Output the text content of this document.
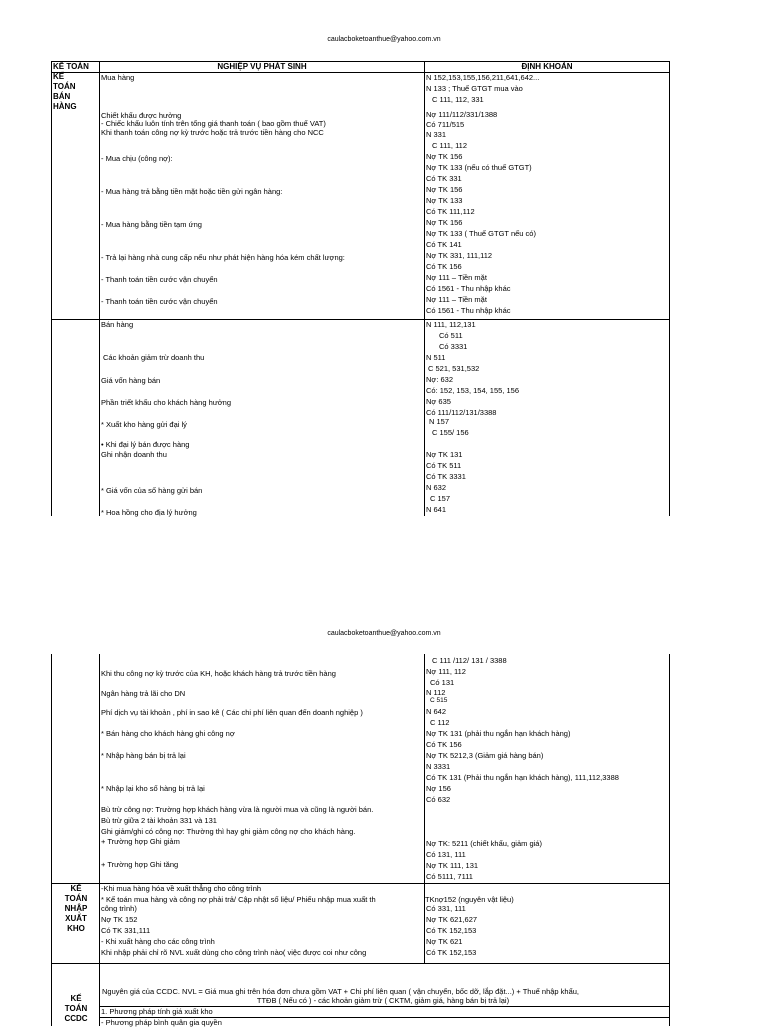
caulacboketoanthue@yahoo.com.vn
KẾ TOÁN	NGHIỆP VỤ PHÁT SINH	ĐỊNH KHOẢN
KẾ
TOÁN
BÁN
HÀNG
Mua hàng
Chiết khấu được hưởng
- Chiếc khấu luôn tính trên tổng giá thanh toán ( bao gồm thuế VAT)
Khi thanh toán công nợ kỳ trước hoặc trả trước tiền hàng cho NCC
- Mua chịu (công nợ):
- Mua hàng trả bằng tiền mặt hoặc tiền gửi ngân hàng:
- Mua hàng bằng tiền tạm ứng
- Trả lại hàng nhà cung cấp nếu như phát hiện hàng hóa kém chất lượng:
- Thanh toán tiền cước vận chuyển
- Thanh toán tiền cước vận chuyển
N 152,153,155,156,211,641,642...
N 133 ; Thuế GTGT mua vào
C 111, 112, 331
Nợ 111/112/331/1388
Có 711/515
N 331
C 111, 112
Nợ TK 156
Nợ TK 133 (nếu có thuế GTGT)
Có TK 331
Nợ TK 156
Nợ TK 133
Có TK 111,112
Nợ TK 156
Nợ TK 133 ( Thuế GTGT nếu có)
Có TK 141
Nợ TK 331, 111,112
Có TK 156
Nợ 111 – Tiền mặt
Có 1561 - Thu nhập khác
Nợ 111 – Tiền mặt
Có 1561 - Thu nhập khác
Bán hàng
Các khoản giảm trừ doanh thu
Giá vốn hàng bán
Phần triết khấu cho khách hàng hưởng
* Xuất kho hàng gửi đại lý
• Khi đại lý bán được hàng
Ghi nhận doanh thu
* Giá vốn của số hàng gửi bán
* Hoa hồng cho địa lý hưởng
N 111, 112,131
Có 511
Có 3331
N 511
C 521, 531,532
Nợ: 632
Có: 152, 153, 154, 155, 156
Nợ 635
Có 111/112/131/3388
N 157
C 155/ 156
Nợ TK 131
Có TK 511
Có TK 3331
N 632
C 157
N 641
caulacboketoanthue@yahoo.com.vn
Khi thu công nợ kỳ trước của KH, hoặc khách hàng trả trước tiền hàng
Ngân hàng trả lãi cho DN
Phí dịch vụ tài khoản , phí in sao kê ( Các chi phí liên quan đến doanh nghiệp )
* Bán hàng cho khách hàng ghi công nợ
* Nhập hàng bán bị trả lại
* Nhập lại kho số hàng bị trả lại
Bù trừ công nợ: Trường hợp khách hàng vừa là người mua và cũng là người bán.
Bù trừ giữa 2 tài khoản 331 và 131
Ghi giảm/ghi có công nợ: Thường thì hay ghi giảm công nợ cho khách hàng.
+ Trường hợp Ghi giảm
+ Trường hợp Ghi tăng
C 111 /112/ 131 / 3388
Nợ 111, 112
Có 131
C 515
N 112
N 642
C 112
Nợ TK 131 (phải thu ngắn hạn khách hàng)
Có TK 156
Nợ TK 5212,3 (Giảm giá hàng bán)
N 3331
Có TK 131 (Phải thu ngắn hạn khách hàng), 111,112,3388
Nợ 156
Có 632
Nợ TK: 5211 (chiết khấu, giảm giá)
Có 131, 111
Nợ TK 111, 131
Có 5111, 7111
KẾ
TOÁN
NHẬP
XUẤT
KHO
-Khi mua hàng hóa về xuất thẳng cho công trình
* Kế toán mua hàng và công nợ phải trả/ Cập nhật số liệu/ Phiếu nhập mua xuất th
công trình)
Nợ TK 152
Có TK 331,111
- Khi xuất hàng cho các công trình
Khi nhập phải chỉ rõ NVL xuất dùng cho công trình nào( việc được coi như công
TKnợ152 (nguyên vật liệu)
Có 331, 111
Nợ TK 621,627
Có TK 152,153
Nợ TK 621
Có TK 152,153
KẾ
TOÁN
CCDC
Nguyên giá của CCDC. NVL = Giá mua ghi trên hóa đơn chưa gồm VAT + Chi phí liên quan ( vận chuyển, bốc dỡ, lắp đặt...) + Thuế nhập khẩu,
TTĐB ( Nếu có ) - các khoản giảm trừ ( CKTM, giảm giá, hàng bán bị trả lại)
1. Phương pháp tính giá xuất kho
- Phương pháp bình quân gia quyền
